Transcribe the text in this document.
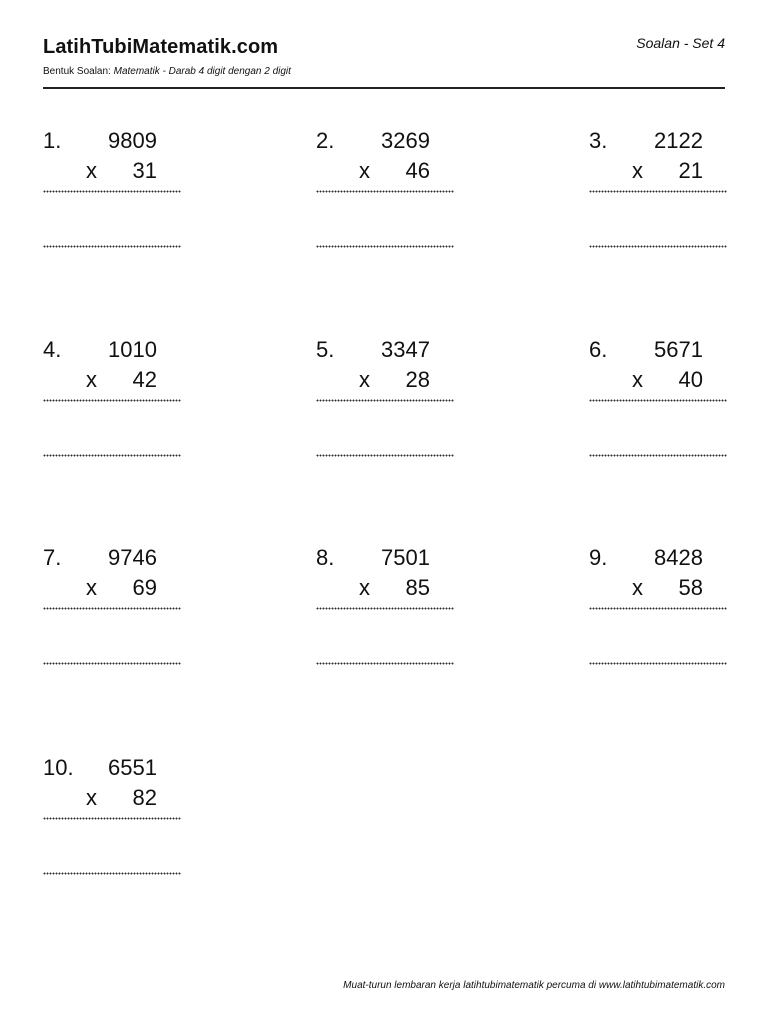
LatihTubiMatematik.com	Soalan - Set 4
Bentuk Soalan: Matematik - Darab 4 digit dengan 2 digit
1. 9809
x 31
2. 3269
x 46
3. 2122
x 21
4. 1010
x 42
5. 3347
x 28
6. 5671
x 40
7. 9746
x 69
8. 7501
x 85
9. 8428
x 58
10. 6551
x 82
Muat-turun lembaran kerja latihtubimatematik percuma di www.latihtubimatematik.com
